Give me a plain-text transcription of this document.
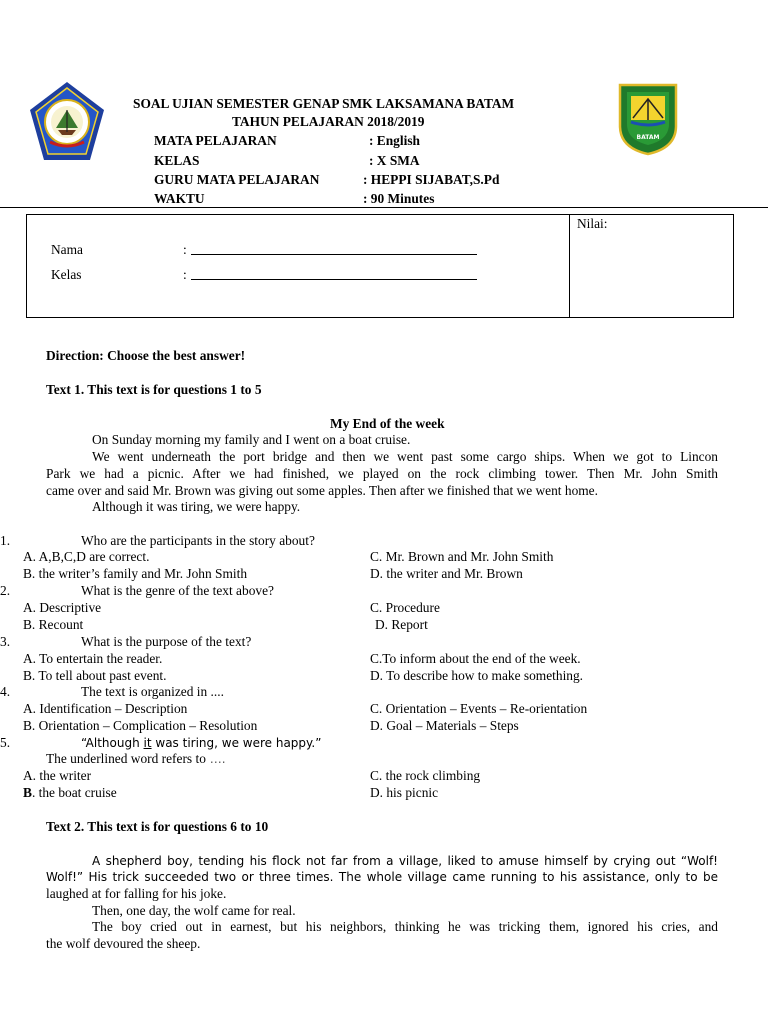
BATAM
SOAL UJIAN SEMESTER GENAP SMK LAKSAMANA BATAM
TAHUN PELAJARAN 2018/2019
MATA PELAJARAN	: English
KELAS	: X SMA
GURU MATA PELAJARAN	: HEPPI SIJABAT,S.Pd
WAKTU	: 90 Minutes
Nama	:
Kelas	:
Nilai:
Direction: Choose the best answer!
Text 1. This text is for questions 1 to 5
My End of the week
On Sunday morning my family and I went on a boat cruise.
We went underneath the port bridge and then we went past some cargo ships. When we got to Lincon
Park we had a picnic. After we had finished, we played on the rock climbing tower. Then Mr. John Smith
came over and said Mr. Brown was giving out some apples. Then after we finished that we went home.
Although it was tiring, we were happy.
1.	Who are the participants in the story about?
A. A,B,C,D are correct.	C. Mr. Brown and Mr. John Smith
B. the writer’s family and Mr. John Smith	D. the writer and Mr. Brown
2.	What is the genre of the text above?
A. Descriptive	C. Procedure
B. Recount	D. Report
3.	What is the purpose of the text?
A. To entertain the reader.	C.To inform about the end of the week.
B. To tell about past event.	D. To describe how to make something.
4.	The text is organized in ....
A. Identification – Description	C. Orientation – Events – Re-orientation
B. Orientation – Complication – Resolution	D. Goal – Materials – Steps
5.	“Although it was tiring, we were happy.”
The underlined word refers to ….
A. the writer	C. the rock climbing
B. the boat cruise	D. his picnic
Text 2. This text is for questions 6 to 10
A shepherd boy, tending his flock not far from a village, liked to amuse himself by crying out “Wolf!
Wolf!” His trick succeeded two or three times. The whole village came running to his assistance, only to be
laughed at for falling for his joke.
Then, one day, the wolf came for real.
The boy cried out in earnest, but his neighbors, thinking he was tricking them, ignored his cries, and
the wolf devoured the sheep.
